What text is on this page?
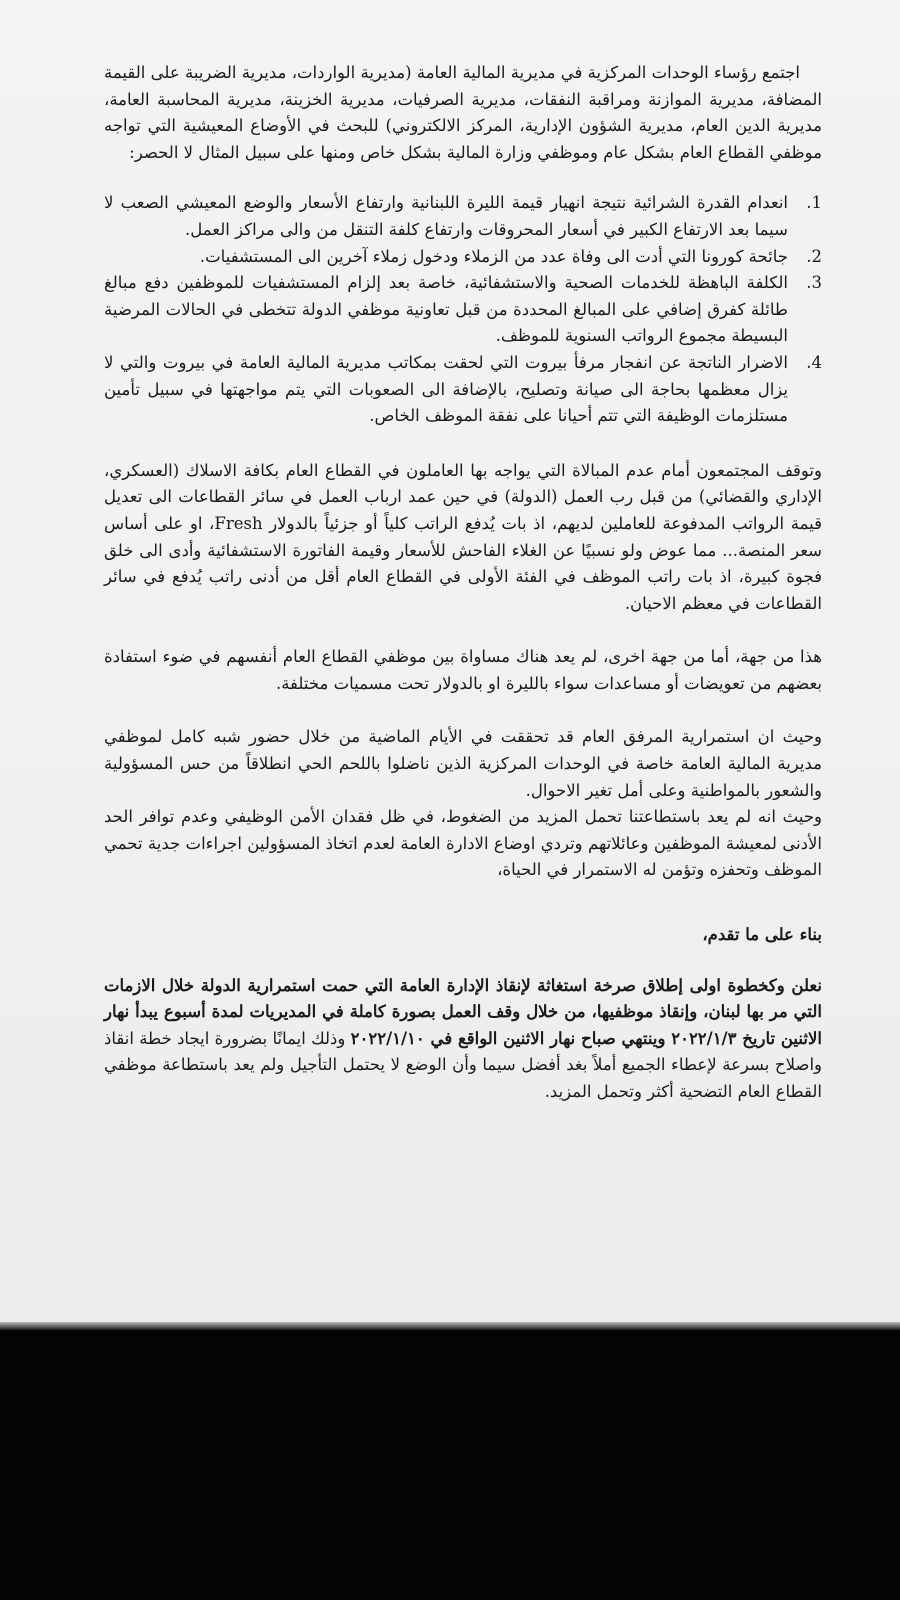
اجتمع رؤساء الوحدات المركزية في مديرية المالية العامة (مديرية الواردات، مديرية الضريبة على القيمة المضافة، مديرية الموازنة ومراقبة النفقات، مديرية الصرفيات، مديرية الخزينة، مديرية المحاسبة العامة، مديرية الدين العام، مديرية الشؤون الإدارية، المركز الالكتروني) للبحث في الأوضاع المعيشية التي تواجه موظفي القطاع العام بشكل عام وموظفي وزارة المالية بشكل خاص ومنها على سبيل المثال لا الحصر:

.1
انعدام القدرة الشرائية نتيجة انهيار قيمة الليرة اللبنانية وارتفاع الأسعار والوضع المعيشي الصعب لا سيما بعد الارتفاع الكبير في أسعار المحروقات وارتفاع كلفة التنقل من والى مراكز العمل.
.2
جائحة كورونا التي أدت الى وفاة عدد من الزملاء ودخول زملاء آخرين الى المستشفيات.
.3
الكلفة الباهظة للخدمات الصحية والاستشفائية، خاصة بعد إلزام المستشفيات للموظفين دفع مبالغ طائلة كفرق إضافي على المبالغ المحددة من قبل تعاونية موظفي الدولة تتخطى في الحالات المرضية البسيطة مجموع الرواتب السنوية للموظف.
.4
الاضرار الناتجة عن انفجار مرفأ بيروت التي لحقت بمكاتب مديرية المالية العامة في بيروت والتي لا يزال معظمها بحاجة الى صيانة وتصليح، بالإضافة الى الصعوبات التي يتم مواجهتها في سبيل تأمين مستلزمات الوظيفة التي تتم أحيانا على نفقة الموظف الخاص.

وتوقف المجتمعون أمام عدم المبالاة التي يواجه بها العاملون في القطاع العام بكافة الاسلاك (العسكري، الإداري والقضائي) من قبل رب العمل (الدولة) في حين عمد ارباب العمل في سائر القطاعات الى تعديل قيمة الرواتب المدفوعة للعاملين لديهم، اذ بات يُدفع الراتب كلياً أو جزئياً بالدولار Fresh، او على أساس سعر المنصة... مما عوض ولو نسبيًا عن الغلاء الفاحش للأسعار وقيمة الفاتورة الاستشفائية وأدى الى خلق فجوة كبيرة، اذ بات راتب الموظف في الفئة الأولى في القطاع العام أقل من أدنى راتب يُدفع في سائر القطاعات في معظم الاحيان.

هذا من جهة، أما من جهة اخرى، لم يعد هناك مساواة بين موظفي القطاع العام أنفسهم في ضوء استفادة بعضهم من تعويضات أو مساعدات سواء بالليرة او بالدولار تحت مسميات مختلفة.

وحيث ان استمرارية المرفق العام قد تحققت في الأيام الماضية من خلال حضور شبه كامل لموظفي مديرية المالية العامة خاصة في الوحدات المركزية الذين ناضلوا باللحم الحي انطلاقاً من حس المسؤولية والشعور بالمواطنية وعلى أمل تغير الاحوال.

وحيث انه لم يعد باستطاعتنا تحمل المزيد من الضغوط، في ظل فقدان الأمن الوظيفي وعدم توافر الحد الأدنى لمعيشة الموظفين وعائلاتهم وتردي اوضاع الادارة العامة لعدم اتخاذ المسؤولين اجراءات جدية تحمي الموظف وتحفزه وتؤمن له الاستمرار في الحياة،

بناء على ما تقدم،

نعلن وكخطوة اولى إطلاق صرخة استغاثة لإنقاذ الإدارة العامة التي حمت استمرارية الدولة خلال الازمات التي مر بها لبنان، وإنقاذ موظفيها، من خلال وقف العمل بصورة كاملة في المديريات لمدة أسبوع يبدأ نهار الاثنين تاريخ ٢٠٢٢/١/٣ وينتهي صباح نهار الاثنين الواقع في ٢٠٢٢/١/١٠ وذلك ايمانًا بضرورة ايجاد خطة انقاذ واصلاح بسرعة لإعطاء الجميع أملاً بغد أفضل سيما وأن الوضع لا يحتمل التأجيل ولم يعد باستطاعة موظفي القطاع العام التضحية أكثر وتحمل المزيد.
